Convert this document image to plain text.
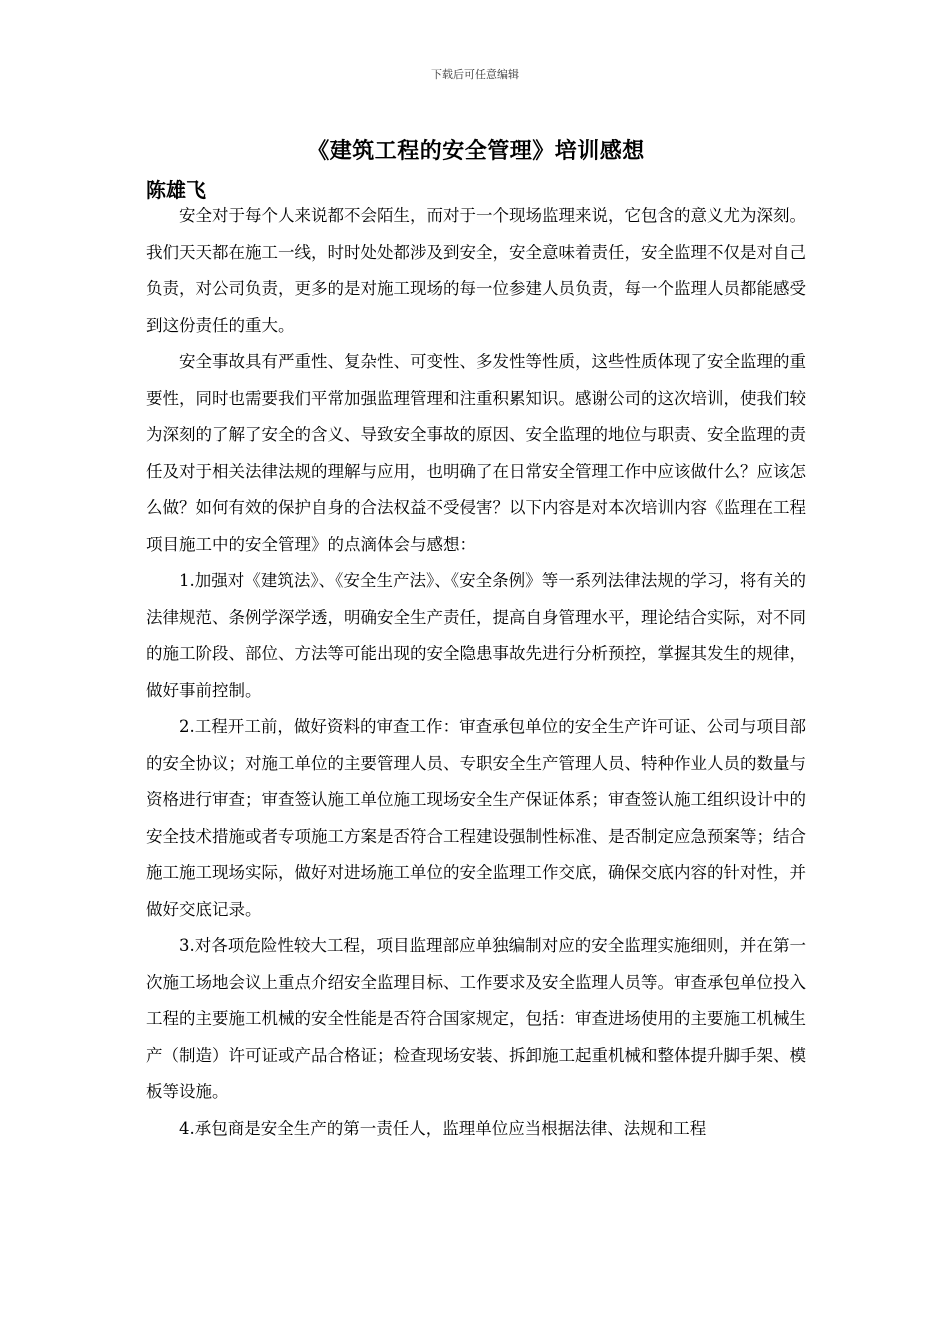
下载后可任意编辑
《建筑工程的安全管理》培训感想
陈雄飞

安全对于每个人来说都不会陌生，而对于一个现场监理来说，它包含的意义尤为深刻。我们天天都在施工一线，时时处处都涉及到安全，安全意味着责任，安全监理不仅是对自己负责，对公司负责，更多的是对施工现场的每一位参建人员负责，每一个监理人员都能感受到这份责任的重大。

安全事故具有严重性、复杂性、可变性、多发性等性质，这些性质体现了安全监理的重要性，同时也需要我们平常加强监理管理和注重积累知识。感谢公司的这次培训，使我们较为深刻的了解了安全的含义、导致安全事故的原因、安全监理的地位与职责、安全监理的责任及对于相关法律法规的理解与应用，也明确了在日常安全管理工作中应该做什么？应该怎么做？如何有效的保护自身的合法权益不受侵害？以下内容是对本次培训内容《监理在工程项目施工中的安全管理》的点滴体会与感想：

1.加强对《建筑法》、《安全生产法》、《安全条例》等一系列法律法规的学习，将有关的法律规范、条例学深学透，明确安全生产责任，提高自身管理水平，理论结合实际，对不同的施工阶段、部位、方法等可能出现的安全隐患事故先进行分析预控，掌握其发生的规律，做好事前控制。

2.工程开工前，做好资料的审查工作：审查承包单位的安全生产许可证、公司与项目部的安全协议；对施工单位的主要管理人员、专职安全生产管理人员、特种作业人员的数量与资格进行审查；审查签认施工单位施工现场安全生产保证体系；审查签认施工组织设计中的安全技术措施或者专项施工方案是否符合工程建设强制性标准、是否制定应急预案等；结合施工施工现场实际，做好对进场施工单位的安全监理工作交底，确保交底内容的针对性，并做好交底记录。

3.对各项危险性较大工程，项目监理部应单独编制对应的安全监理实施细则，并在第一次施工场地会议上重点介绍安全监理目标、工作要求及安全监理人员等。审查承包单位投入工程的主要施工机械的安全性能是否符合国家规定，包括：审查进场使用的主要施工机械生产（制造）许可证或产品合格证；检查现场安装、拆卸施工起重机械和整体提升脚手架、模板等设施。

4.承包商是安全生产的第一责任人，监理单位应当根据法律、法规和工程
